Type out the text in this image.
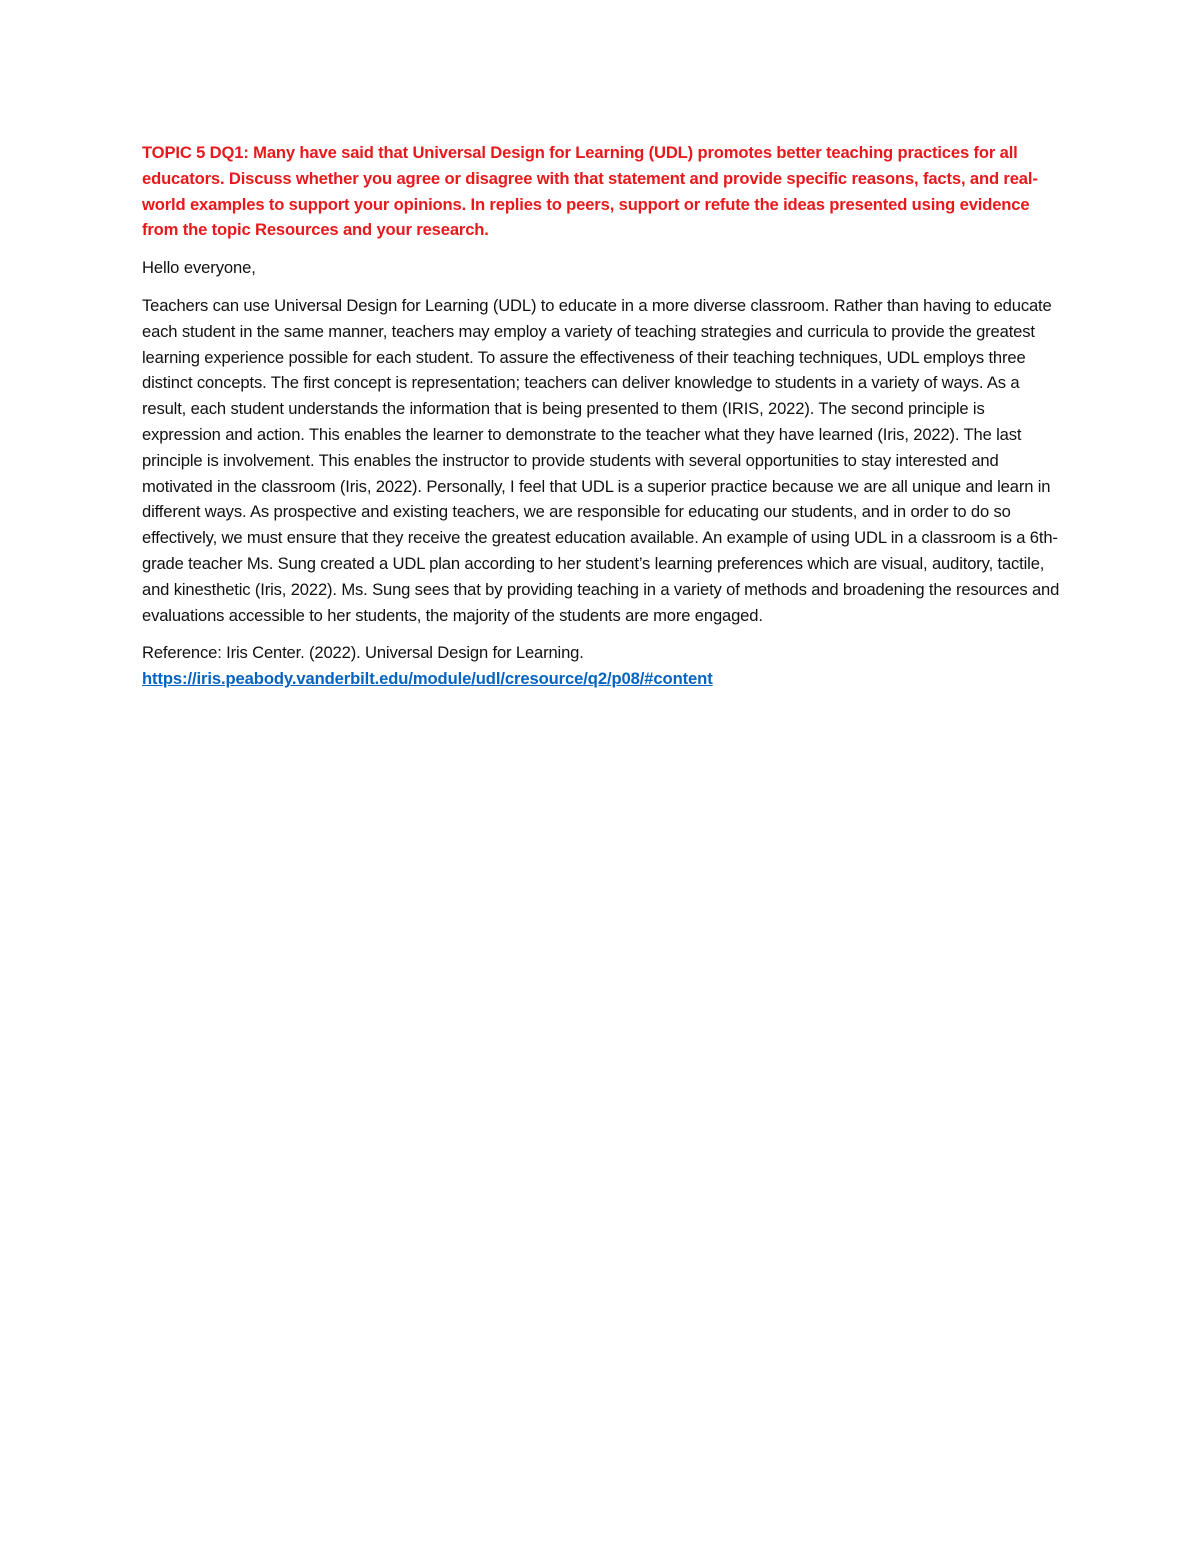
TOPIC 5 DQ1: Many have said that Universal Design for Learning (UDL) promotes better teaching practices for all educators. Discuss whether you agree or disagree with that statement and provide specific reasons, facts, and real-world examples to support your opinions. In replies to peers, support or refute the ideas presented using evidence from the topic Resources and your research.

Hello everyone,

Teachers can use Universal Design for Learning (UDL) to educate in a more diverse classroom. Rather than having to educate each student in the same manner, teachers may employ a variety of teaching strategies and curricula to provide the greatest learning experience possible for each student. To assure the effectiveness of their teaching techniques, UDL employs three distinct concepts. The first concept is representation; teachers can deliver knowledge to students in a variety of ways. As a result, each student understands the information that is being presented to them (IRIS, 2022). The second principle is expression and action. This enables the learner to demonstrate to the teacher what they have learned (Iris, 2022). The last principle is involvement. This enables the instructor to provide students with several opportunities to stay interested and motivated in the classroom (Iris, 2022). Personally, I feel that UDL is a superior practice because we are all unique and learn in different ways. As prospective and existing teachers, we are responsible for educating our students, and in order to do so effectively, we must ensure that they receive the greatest education available. An example of using UDL in a classroom is a 6th-grade teacher Ms. Sung created a UDL plan according to her student’s learning preferences which are visual, auditory, tactile, and kinesthetic (Iris, 2022). Ms. Sung sees that by providing teaching in a variety of methods and broadening the resources and evaluations accessible to her students, the majority of the students are more engaged.

Reference: Iris Center. (2022). Universal Design for Learning.
https://iris.peabody.vanderbilt.edu/module/udl/cresource/q2/p08/#content
